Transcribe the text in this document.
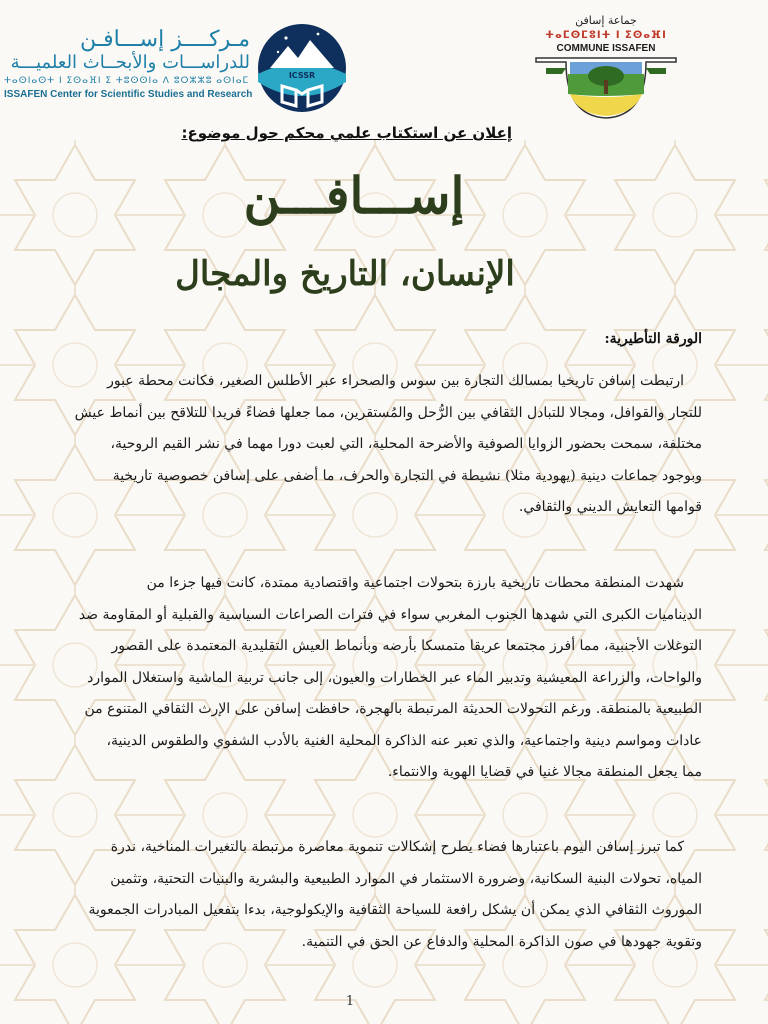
مـركــــز إســـافـن
للدراســـات والأبحــاث العلميـــة
ⵜⴰⵙⵏⴰⵙⵜ ⵏ ⵉⵙⴰⴼⵏ ⵉ ⵜⵓⵙⵙⵏⴰ ⴷ ⵓⵔⵣⵣⵓ ⴰⵙⵏⴰⵎ
ISSAFEN Center for Scientific Studies and Research
ICSSR
جماعة إسافن
ⵜⴰⵎⵙⵎⵓⵏⵜ ⵏ ⵉⵙⴰⴼⵏ
COMMUNE ISSAFEN
إعلان عن استكتاب علمي محكم حول موضوع:
إســـافـــن
الإنسان، التاريخ والمجال
الورقة التأطيرية:
ارتبطت إسافن تاريخيا بمسالك التجارة بين سوس والصحراء عبر الأطلس الصغير، فكانت محطة عبور
للتجار والقوافل، ومجالا للتبادل الثقافي بين الرُّحل والمُستقرين، مما جعلها فضاءً فريدا للتلاقح بين أنماط عيش
مختلفة، سمحت بحضور الزوايا الصوفية والأضرحة المحلية، التي لعبت دورا مهما في نشر القيم الروحية،
وبوجود جماعات دينية (يهودية مثلا) نشيطة في التجارة والحرف، ما أضفى على إسافن خصوصية تاريخية
قوامها التعايش الديني والثقافي.
شهدت المنطقة محطات تاريخية بارزة بتحولات اجتماعية واقتصادية ممتدة، كانت فيها جزءا من
الديناميات الكبرى التي شهدها الجنوب المغربي سواء في فترات الصراعات السياسية والقبلية أو المقاومة ضد
التوغلات الأجنبية، مما أفرز مجتمعا عريقا متمسكا بأرضه وبأنماط العيش التقليدية المعتمدة على القصور
والواحات، والزراعة المعيشية وتدبير الماء عبر الخطارات والعيون، إلى جانب تربية الماشية واستغلال الموارد
الطبيعية بالمنطقة. ورغم التحولات الحديثة المرتبطة بالهجرة، حافظت إسافن على الإرث الثقافي المتنوع من
عادات ومواسم دينية واجتماعية، والذي تعبر عنه الذاكرة المحلية الغنية بالأدب الشفوي والطقوس الدينية،
مما يجعل المنطقة مجالا غنيا في قضايا الهوية والانتماء.
كما تبرز إسافن اليوم باعتبارها فضاء يطرح إشكالات تنموية معاصرة مرتبطة بالتغيرات المناخية، ندرة
المياه، تحولات البنية السكانية، وضرورة الاستثمار في الموارد الطبيعية والبشرية والبنيات التحتية، وتثمين
الموروث الثقافي الذي يمكن أن يشكل رافعة للسياحة الثقافية والإيكولوجية، بدءا بتفعيل المبادرات الجمعوية
وتقوية جهودها في صون الذاكرة المحلية والدفاع عن الحق في التنمية.
1
